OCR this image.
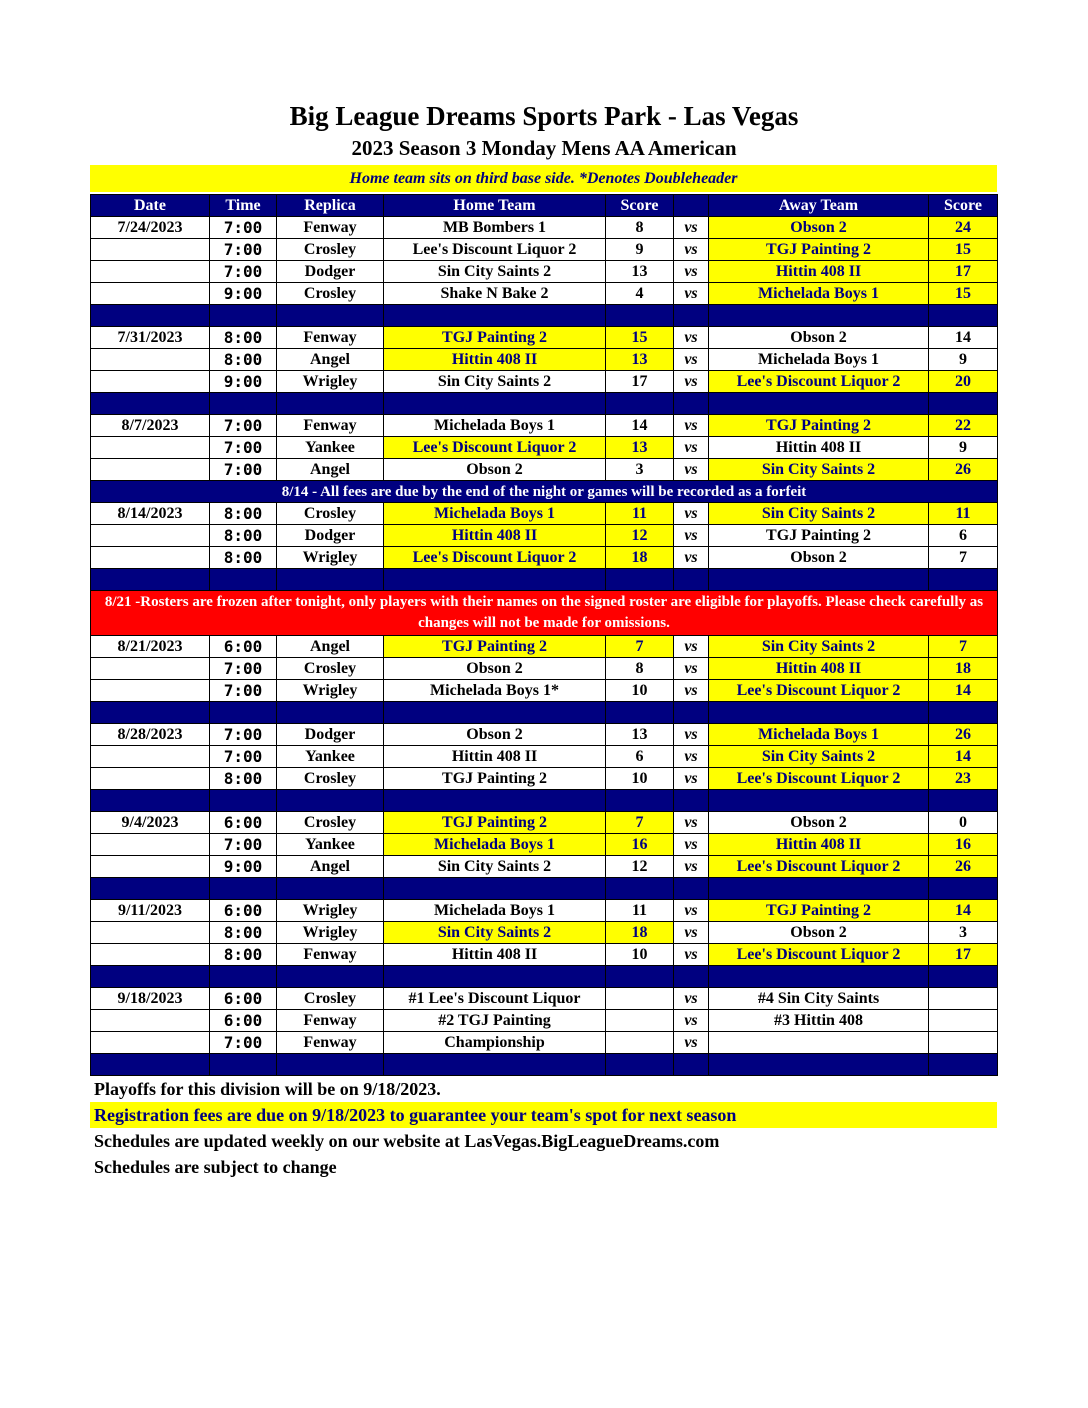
Big League Dreams Sports Park - Las Vegas
2023 Season 3 Monday Mens AA American
Home team sits on third base side. *Denotes Doubleheader
Date	Time	Replica	Home Team	Score		Away Team	Score
7/24/2023	7:00	Fenway	MB Bombers 1	8	vs	Obson 2	24
	7:00	Crosley	Lee's Discount Liquor 2	9	vs	TGJ Painting 2	15
	7:00	Dodger	Sin City Saints 2	13	vs	Hittin 408 II	17
	9:00	Crosley	Shake N Bake 2	4	vs	Michelada Boys 1	15

7/31/2023	8:00	Fenway	TGJ Painting 2	15	vs	Obson 2	14
	8:00	Angel	Hittin 408 II	13	vs	Michelada Boys 1	9
	9:00	Wrigley	Sin City Saints 2	17	vs	Lee's Discount Liquor 2	20

8/7/2023	7:00	Fenway	Michelada Boys 1	14	vs	TGJ Painting 2	22
	7:00	Yankee	Lee's Discount Liquor 2	13	vs	Hittin 408 II	9
	7:00	Angel	Obson 2	3	vs	Sin City Saints 2	26
8/14 - All fees are due by the end of the night or games will be recorded as a forfeit							
8/14/2023	8:00	Crosley	Michelada Boys 1	11	vs	Sin City Saints 2	11
	8:00	Dodger	Hittin 408 II	12	vs	TGJ Painting 2	6
	8:00	Wrigley	Lee's Discount Liquor 2	18	vs	Obson 2	7

8/21 -Rosters are frozen after tonight, only players with their names on the signed roster are eligible for playoffs. Please check carefully as changes will not be made for omissions.							
8/21/2023	6:00	Angel	TGJ Painting 2	7	vs	Sin City Saints 2	7
	7:00	Crosley	Obson 2	8	vs	Hittin 408 II	18
	7:00	Wrigley	Michelada Boys 1*	10	vs	Lee's Discount Liquor 2	14

8/28/2023	7:00	Dodger	Obson 2	13	vs	Michelada Boys 1	26
	7:00	Yankee	Hittin 408 II	6	vs	Sin City Saints 2	14
	8:00	Crosley	TGJ Painting 2	10	vs	Lee's Discount Liquor 2	23

9/4/2023	6:00	Crosley	TGJ Painting 2	7	vs	Obson 2	0
	7:00	Yankee	Michelada Boys 1	16	vs	Hittin 408 II	16
	9:00	Angel	Sin City Saints 2	12	vs	Lee's Discount Liquor 2	26

9/11/2023	6:00	Wrigley	Michelada Boys 1	11	vs	TGJ Painting 2	14
	8:00	Wrigley	Sin City Saints 2	18	vs	Obson 2	3
	8:00	Fenway	Hittin 408 II	10	vs	Lee's Discount Liquor 2	17

9/18/2023	6:00	Crosley	#1 Lee's Discount Liquor		vs	#4 Sin City Saints	
	6:00	Fenway	#2 TGJ Painting		vs	#3 Hittin 408	
	7:00	Fenway	Championship		vs		

Playoffs for this division will be on 9/18/2023.
Registration fees are due on 9/18/2023 to guarantee your team's spot for next season
Schedules are updated weekly on our website at LasVegas.BigLeagueDreams.com
Schedules are subject to change
